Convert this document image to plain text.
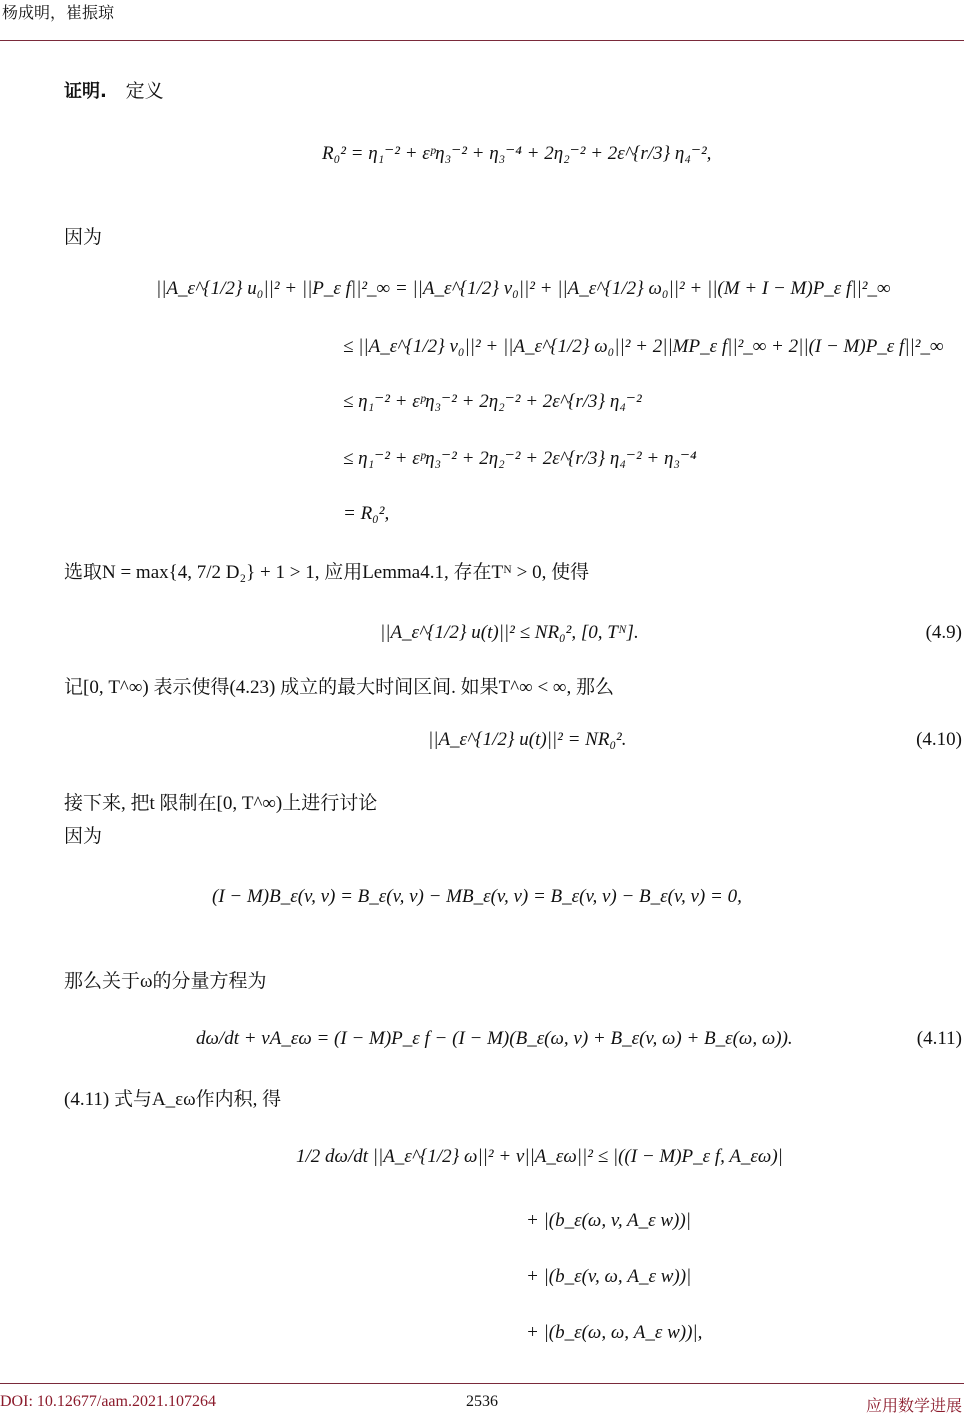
杨成明，崔振琼
证明. 定义
R₀² = η₁⁻² + εᵖη₃⁻² + η₃⁻⁴ + 2η₂⁻² + 2ε^{r/3} η₄⁻²,
因为
||A_ε^{1/2} u₀||² + ||P_ε f||²_∞ = ||A_ε^{1/2} v₀||² + ||A_ε^{1/2} ω₀||² + ||(M + I − M)P_ε f||²_∞
≤ ||A_ε^{1/2} v₀||² + ||A_ε^{1/2} ω₀||² + 2||MP_ε f||²_∞ + 2||(I − M)P_ε f||²_∞
≤ η₁⁻² + εᵖη₃⁻² + 2η₂⁻² + 2ε^{r/3} η₄⁻²
≤ η₁⁻² + εᵖη₃⁻² + 2η₂⁻² + 2ε^{r/3} η₄⁻² + η₃⁻⁴
= R₀²,
选取N = max{4, 7/2 D₂} + 1 > 1, 应用Lemma4.1, 存在Tᴺ > 0, 使得
||A_ε^{1/2} u(t)||² ≤ NR₀², [0, Tᴺ].	(4.9)
记[0, T^∞) 表示使得(4.23) 成立的最大时间区间. 如果T^∞ < ∞, 那么
||A_ε^{1/2} u(t)||² = NR₀².	(4.10)
接下来, 把t 限制在[0, T^∞)上进行讨论
因为
(I − M)B_ε(v, v) = B_ε(v, v) − MB_ε(v, v) = B_ε(v, v) − B_ε(v, v) = 0,
那么关于ω的分量方程为
dω/dt + νA_εω = (I − M)P_ε f − (I − M)(B_ε(ω, v) + B_ε(v, ω) + B_ε(ω, ω)).	(4.11)
(4.11) 式与A_εω作内积, 得
1/2 dω/dt ||A_ε^{1/2} ω||² + ν||A_εω||² ≤ |((I − M)P_ε f, A_εω)|
+ |(b_ε(ω, v, A_ε w))|
+ |(b_ε(v, ω, A_ε w))|
+ |(b_ε(ω, ω, A_ε w))|,
DOI: 10.12677/aam.2021.107264	2536	应用数学进展
